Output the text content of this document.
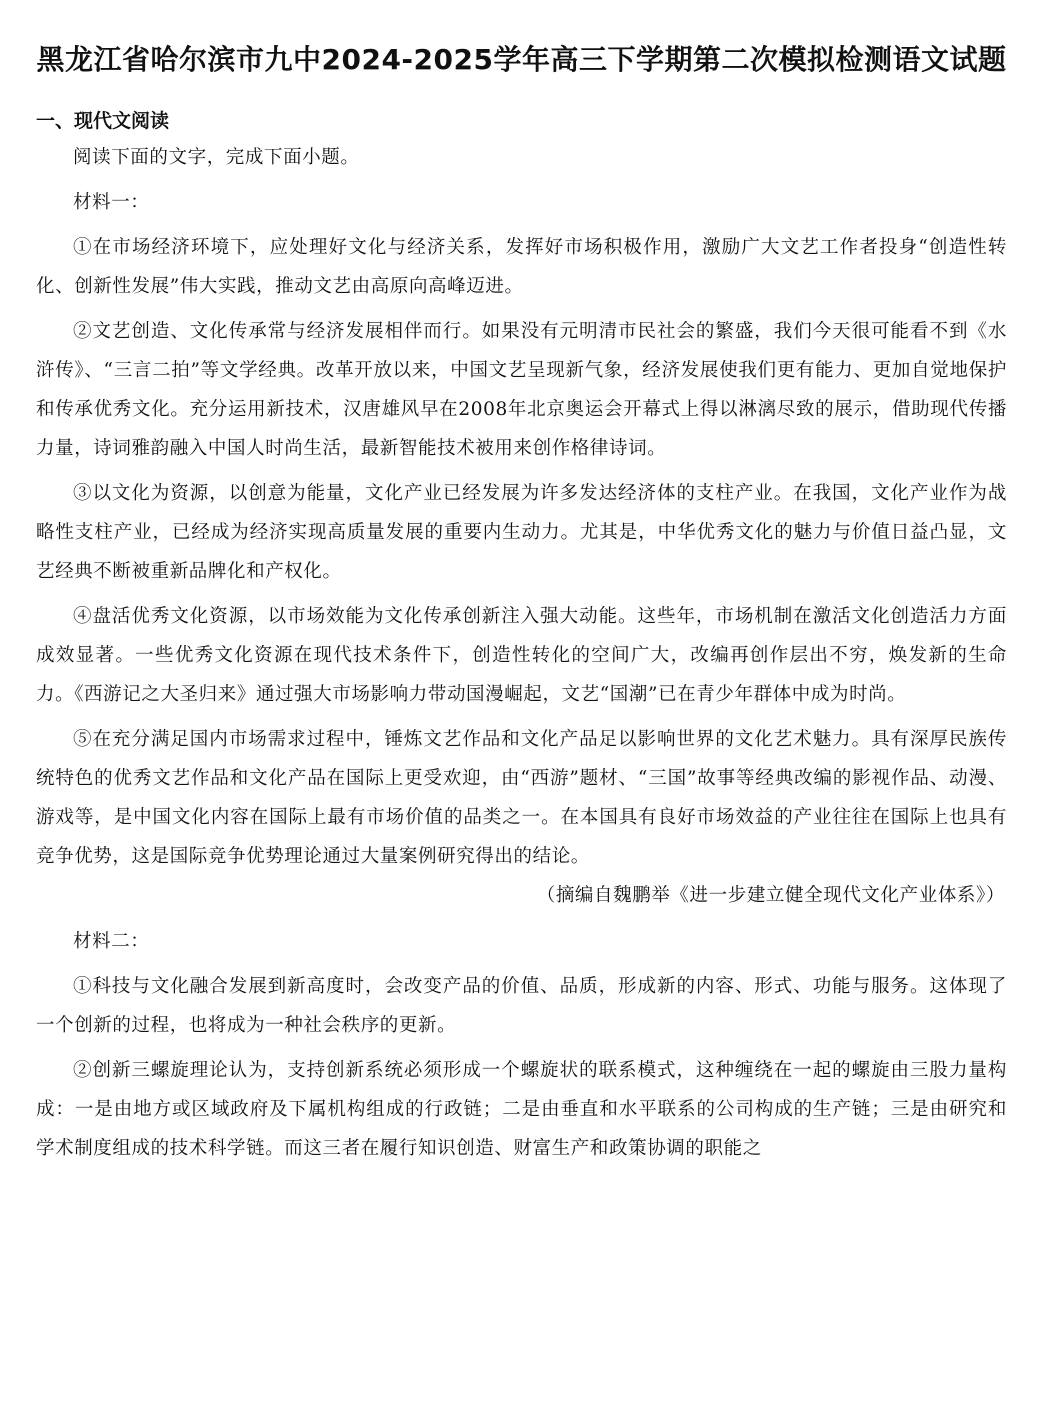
黑龙江省哈尔滨市九中2024-2025学年高三下学期第二次模拟检测语文试题
一、现代文阅读

阅读下面的文字，完成下面小题。

材料一：

①在市场经济环境下，应处理好文化与经济关系，发挥好市场积极作用，激励广大文艺工作者投身“创造性转化、创新性发展”伟大实践，推动文艺由高原向高峰迈进。

②文艺创造、文化传承常与经济发展相伴而行。如果没有元明清市民社会的繁盛，我们今天很可能看不到《水浒传》、“三言二拍”等文学经典。改革开放以来，中国文艺呈现新气象，经济发展使我们更有能力、更加自觉地保护和传承优秀文化。充分运用新技术，汉唐雄风早在2008年北京奥运会开幕式上得以淋漓尽致的展示，借助现代传播力量，诗词雅韵融入中国人时尚生活，最新智能技术被用来创作格律诗词。

③以文化为资源，以创意为能量，文化产业已经发展为许多发达经济体的支柱产业。在我国，文化产业作为战略性支柱产业，已经成为经济实现高质量发展的重要内生动力。尤其是，中华优秀文化的魅力与价值日益凸显，文艺经典不断被重新品牌化和产权化。

④盘活优秀文化资源，以市场效能为文化传承创新注入强大动能。这些年，市场机制在激活文化创造活力方面成效显著。一些优秀文化资源在现代技术条件下，创造性转化的空间广大，改编再创作层出不穷，焕发新的生命力。《西游记之大圣归来》通过强大市场影响力带动国漫崛起，文艺“国潮”已在青少年群体中成为时尚。

⑤在充分满足国内市场需求过程中，锤炼文艺作品和文化产品足以影响世界的文化艺术魅力。具有深厚民族传统特色的优秀文艺作品和文化产品在国际上更受欢迎，由“西游”题材、“三国”故事等经典改编的影视作品、动漫、游戏等，是中国文化内容在国际上最有市场价值的品类之一。在本国具有良好市场效益的产业往往在国际上也具有竞争优势，这是国际竞争优势理论通过大量案例研究得出的结论。

（摘编自魏鹏举《进一步建立健全现代文化产业体系》）

材料二：

①科技与文化融合发展到新高度时，会改变产品的价值、品质，形成新的内容、形式、功能与服务。这体现了一个创新的过程，也将成为一种社会秩序的更新。

②创新三螺旋理论认为，支持创新系统必须形成一个螺旋状的联系模式，这种缠绕在一起的螺旋由三股力量构成：一是由地方或区域政府及下属机构组成的行政链；二是由垂直和水平联系的公司构成的生产链；三是由研究和学术制度组成的技术科学链。而这三者在履行知识创造、财富生产和政策协调的职能之
